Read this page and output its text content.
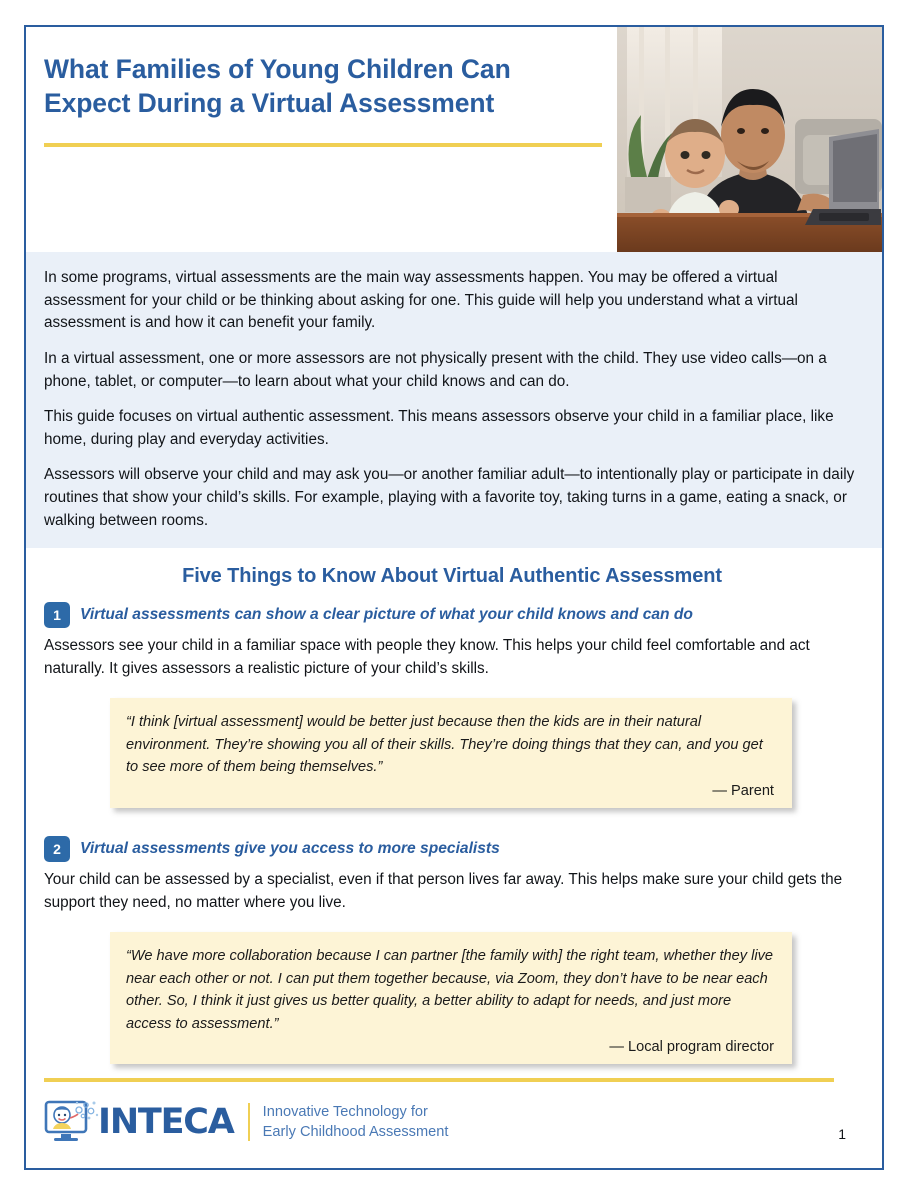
What Families of Young Children Can
Expect During a Virtual Assessment

In some programs, virtual assessments are the main way assessments happen. You may be offered a virtual assessment for your child or be thinking about asking for one. This guide will help you understand what a virtual assessment is and how it can benefit your family.

In a virtual assessment, one or more assessors are not physically present with the child. They use video calls—on a phone, tablet, or computer—to learn about what your child knows and can do.

This guide focuses on virtual authentic assessment. This means assessors observe your child in a familiar place, like home, during play and everyday activities.

Assessors will observe your child and may ask you—or another familiar adult—to intentionally play or participate in daily routines that show your child’s skills. For example, playing with a favorite toy, taking turns in a game, eating a snack, or walking between rooms.

Five Things to Know About Virtual Authentic Assessment
1	Virtual assessments can show a clear picture of what your child knows and can do

Assessors see your child in a familiar space with people they know. This helps your child feel comfortable and act naturally. It gives assessors a realistic picture of your child’s skills.

“I think [virtual assessment] would be better just because then the kids are in their natural environment. They’re showing you all of their skills. They’re doing things that they can, and you get to see more of them being themselves.”

— Parent

2	Virtual assessments give you access to more specialists

Your child can be assessed by a specialist, even if that person lives far away. This helps make sure your child gets the support they need, no matter where you live.

“We have more collaboration because I can partner [the family with] the right team, whether they live near each other or not. I can put them together because, via Zoom, they don’t have to be near each other. So, I think it just gives us better quality, a better ability to adapt for needs, and just more access to assessment.”

— Local program director

INTECA Innovative Technology for
Early Childhood Assessment	1
